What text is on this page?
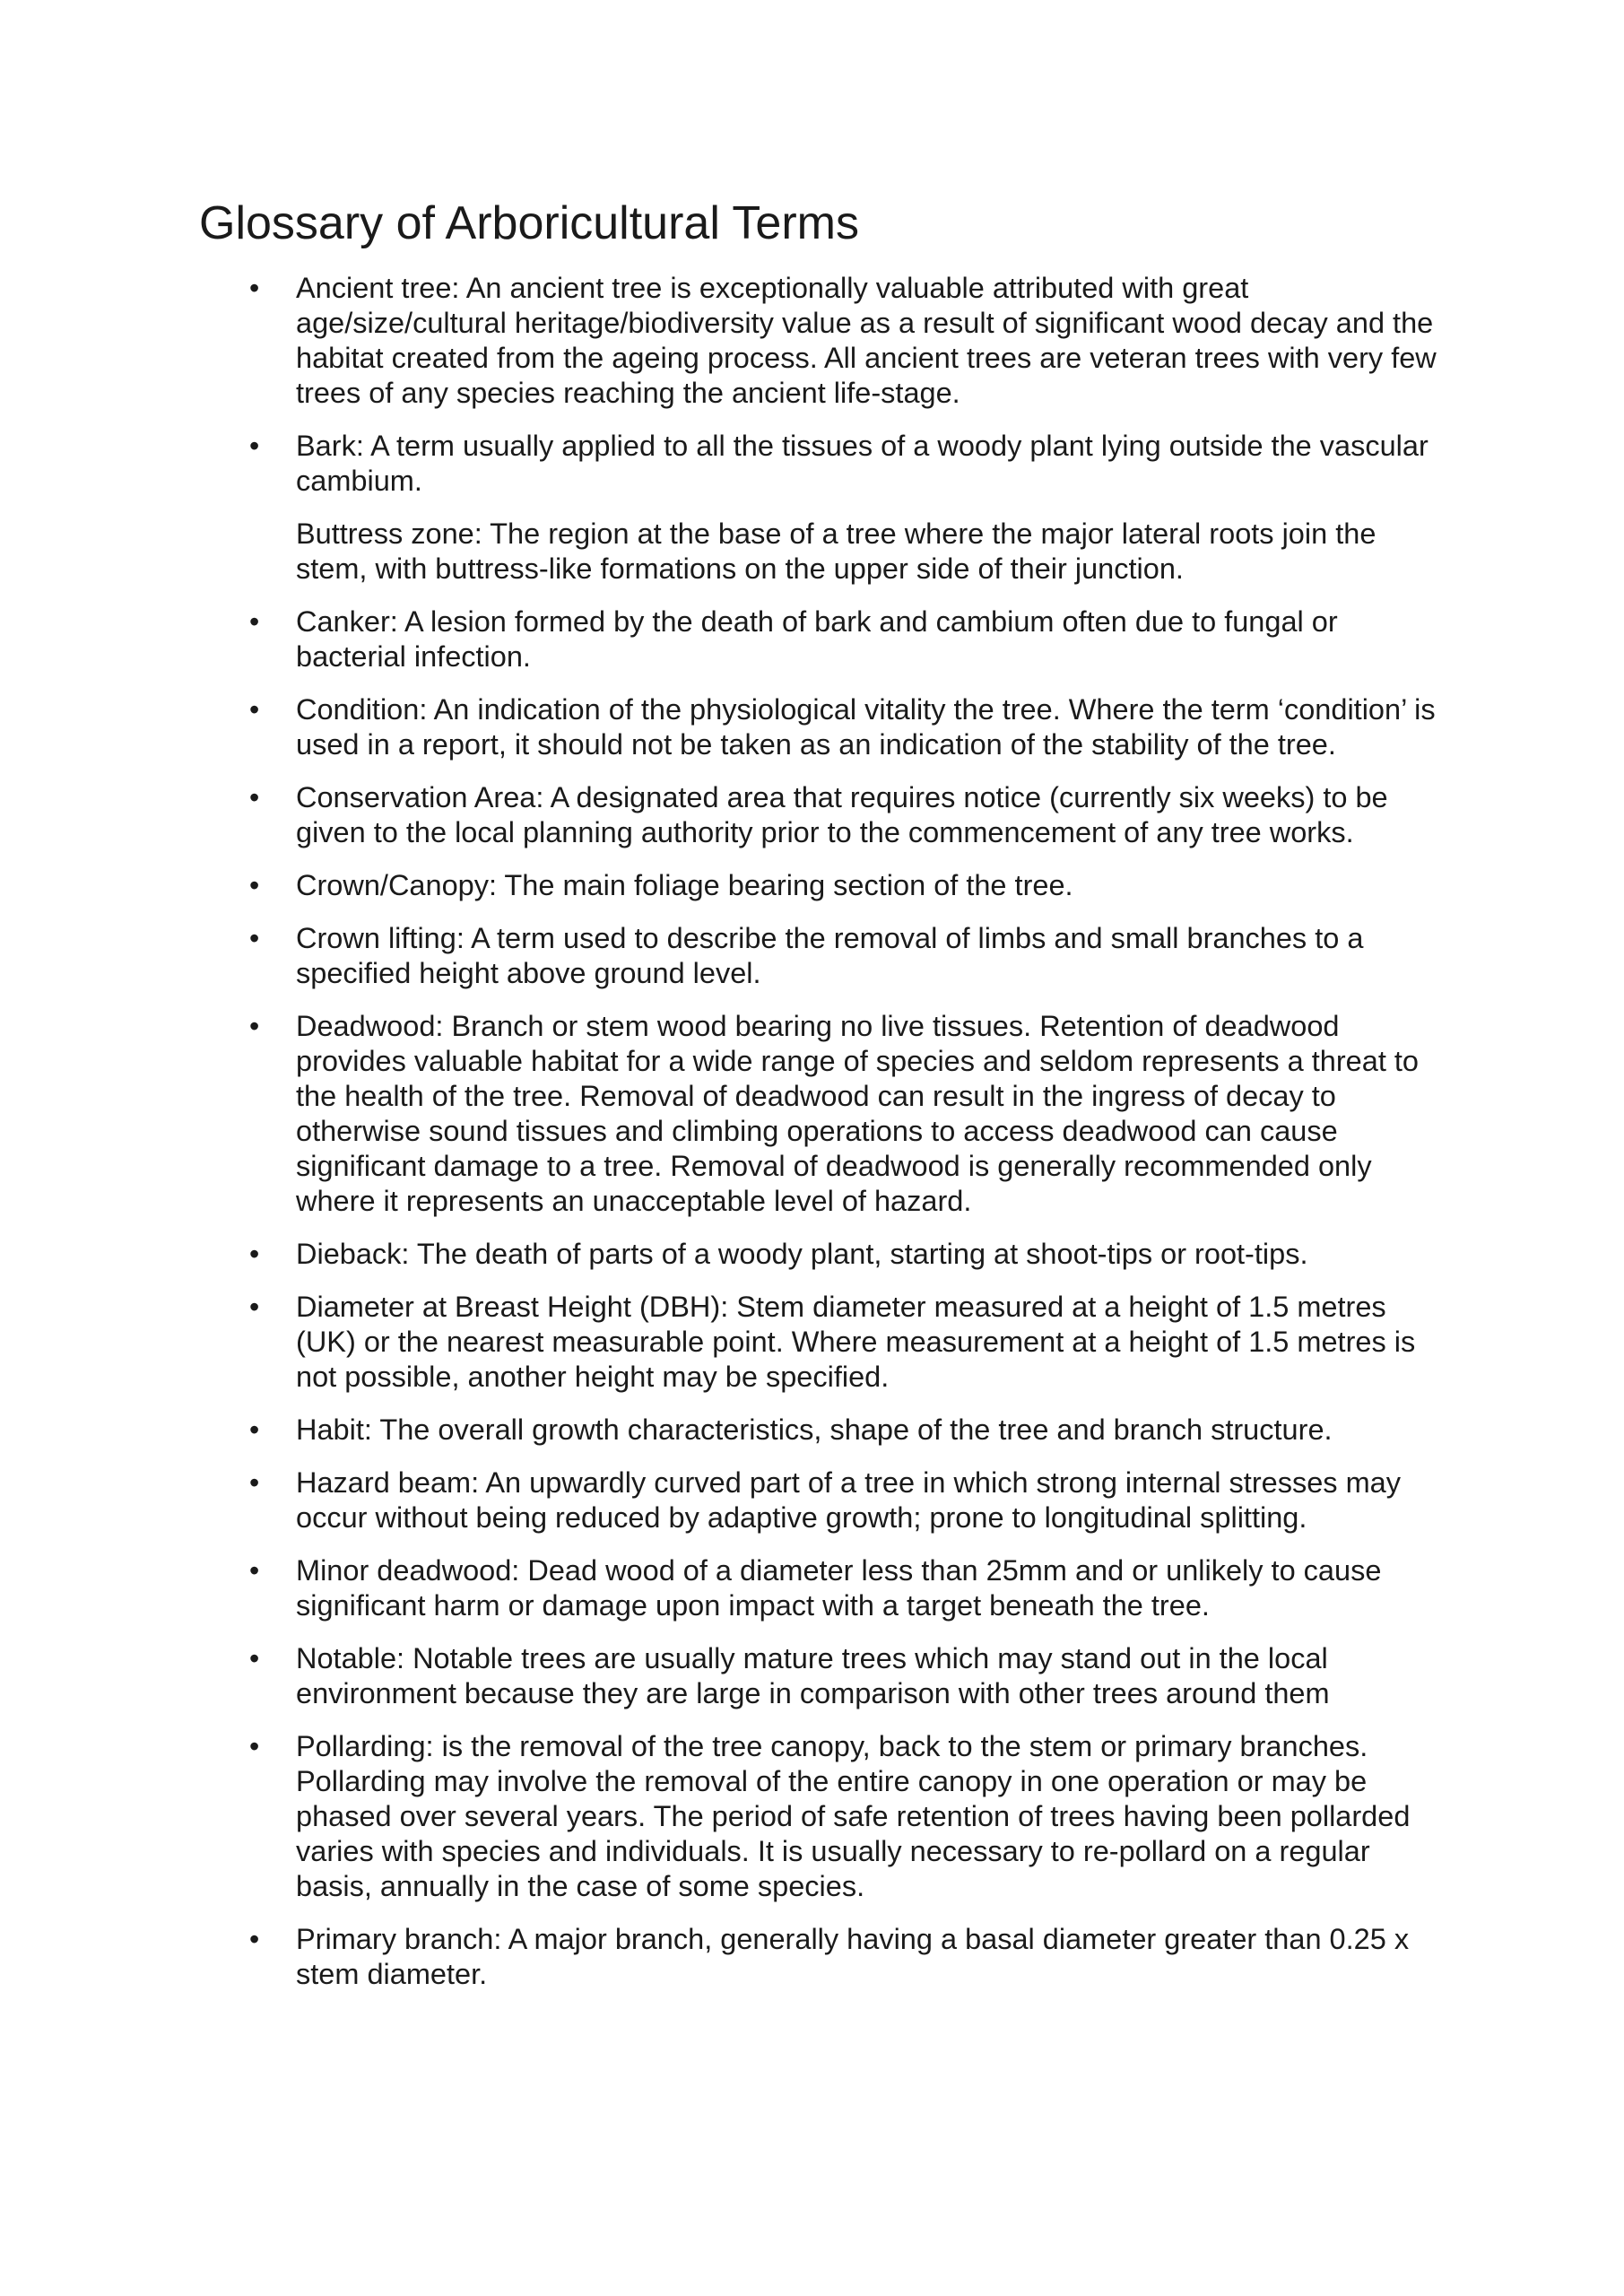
Glossary of Arboricultural Terms
• Ancient tree: An ancient tree is exceptionally valuable attributed with great age/size/cultural heritage/biodiversity value as a result of significant wood decay and the habitat created from the ageing process. All ancient trees are veteran trees with very few trees of any species reaching the ancient life-stage.
• Bark: A term usually applied to all the tissues of a woody plant lying outside the vascular cambium.
Buttress zone: The region at the base of a tree where the major lateral roots join the stem, with buttress-like formations on the upper side of their junction.
• Canker: A lesion formed by the death of bark and cambium often due to fungal or bacterial infection.
• Condition: An indication of the physiological vitality the tree. Where the term ‘condition’ is used in a report, it should not be taken as an indication of the stability of the tree.
• Conservation Area: A designated area that requires notice (currently six weeks) to be given to the local planning authority prior to the commencement of any tree works.
• Crown/Canopy: The main foliage bearing section of the tree.
• Crown lifting: A term used to describe the removal of limbs and small branches to a specified height above ground level.
• Deadwood: Branch or stem wood bearing no live tissues. Retention of deadwood provides valuable habitat for a wide range of species and seldom represents a threat to the health of the tree. Removal of deadwood can result in the ingress of decay to otherwise sound tissues and climbing operations to access deadwood can cause significant damage to a tree. Removal of deadwood is generally recommended only where it represents an unacceptable level of hazard.
• Dieback: The death of parts of a woody plant, starting at shoot-tips or root-tips.
• Diameter at Breast Height (DBH): Stem diameter measured at a height of 1.5 metres (UK) or the nearest measurable point. Where measurement at a height of 1.5 metres is not possible, another height may be specified.
• Habit: The overall growth characteristics, shape of the tree and branch structure.
• Hazard beam: An upwardly curved part of a tree in which strong internal stresses may occur without being reduced by adaptive growth; prone to longitudinal splitting.
• Minor deadwood: Dead wood of a diameter less than 25mm and or unlikely to cause significant harm or damage upon impact with a target beneath the tree.
• Notable: Notable trees are usually mature trees which may stand out in the local environment because they are large in comparison with other trees around them
• Pollarding: is the removal of the tree canopy, back to the stem or primary branches. Pollarding may involve the removal of the entire canopy in one operation or may be phased over several years. The period of safe retention of trees having been pollarded varies with species and individuals. It is usually necessary to re-pollard on a regular basis, annually in the case of some species.
• Primary branch: A major branch, generally having a basal diameter greater than 0.25 x stem diameter.
